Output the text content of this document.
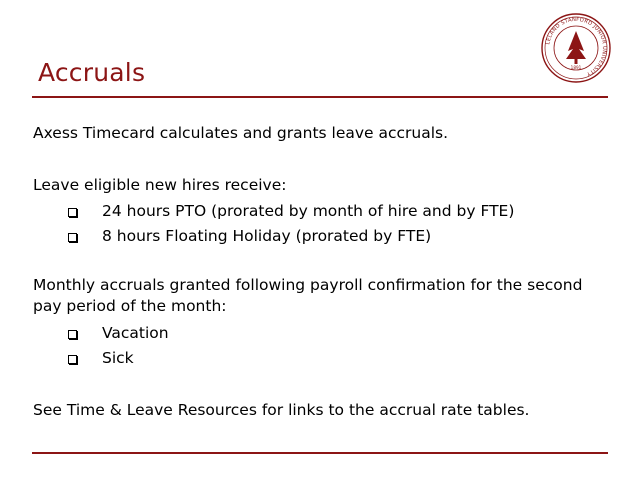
Accruals
LELAND STANFORD JUNIOR UNIVERSITY
1891
Axess Timecard calculates and grants leave accruals.
Leave eligible new hires receive:
24 hours PTO (prorated by month of hire and by FTE)
8 hours Floating Holiday (prorated by FTE)
Monthly accruals granted following payroll confirmation for the second pay period of the month:
Vacation
Sick
See Time & Leave Resources for links to the accrual rate tables.
